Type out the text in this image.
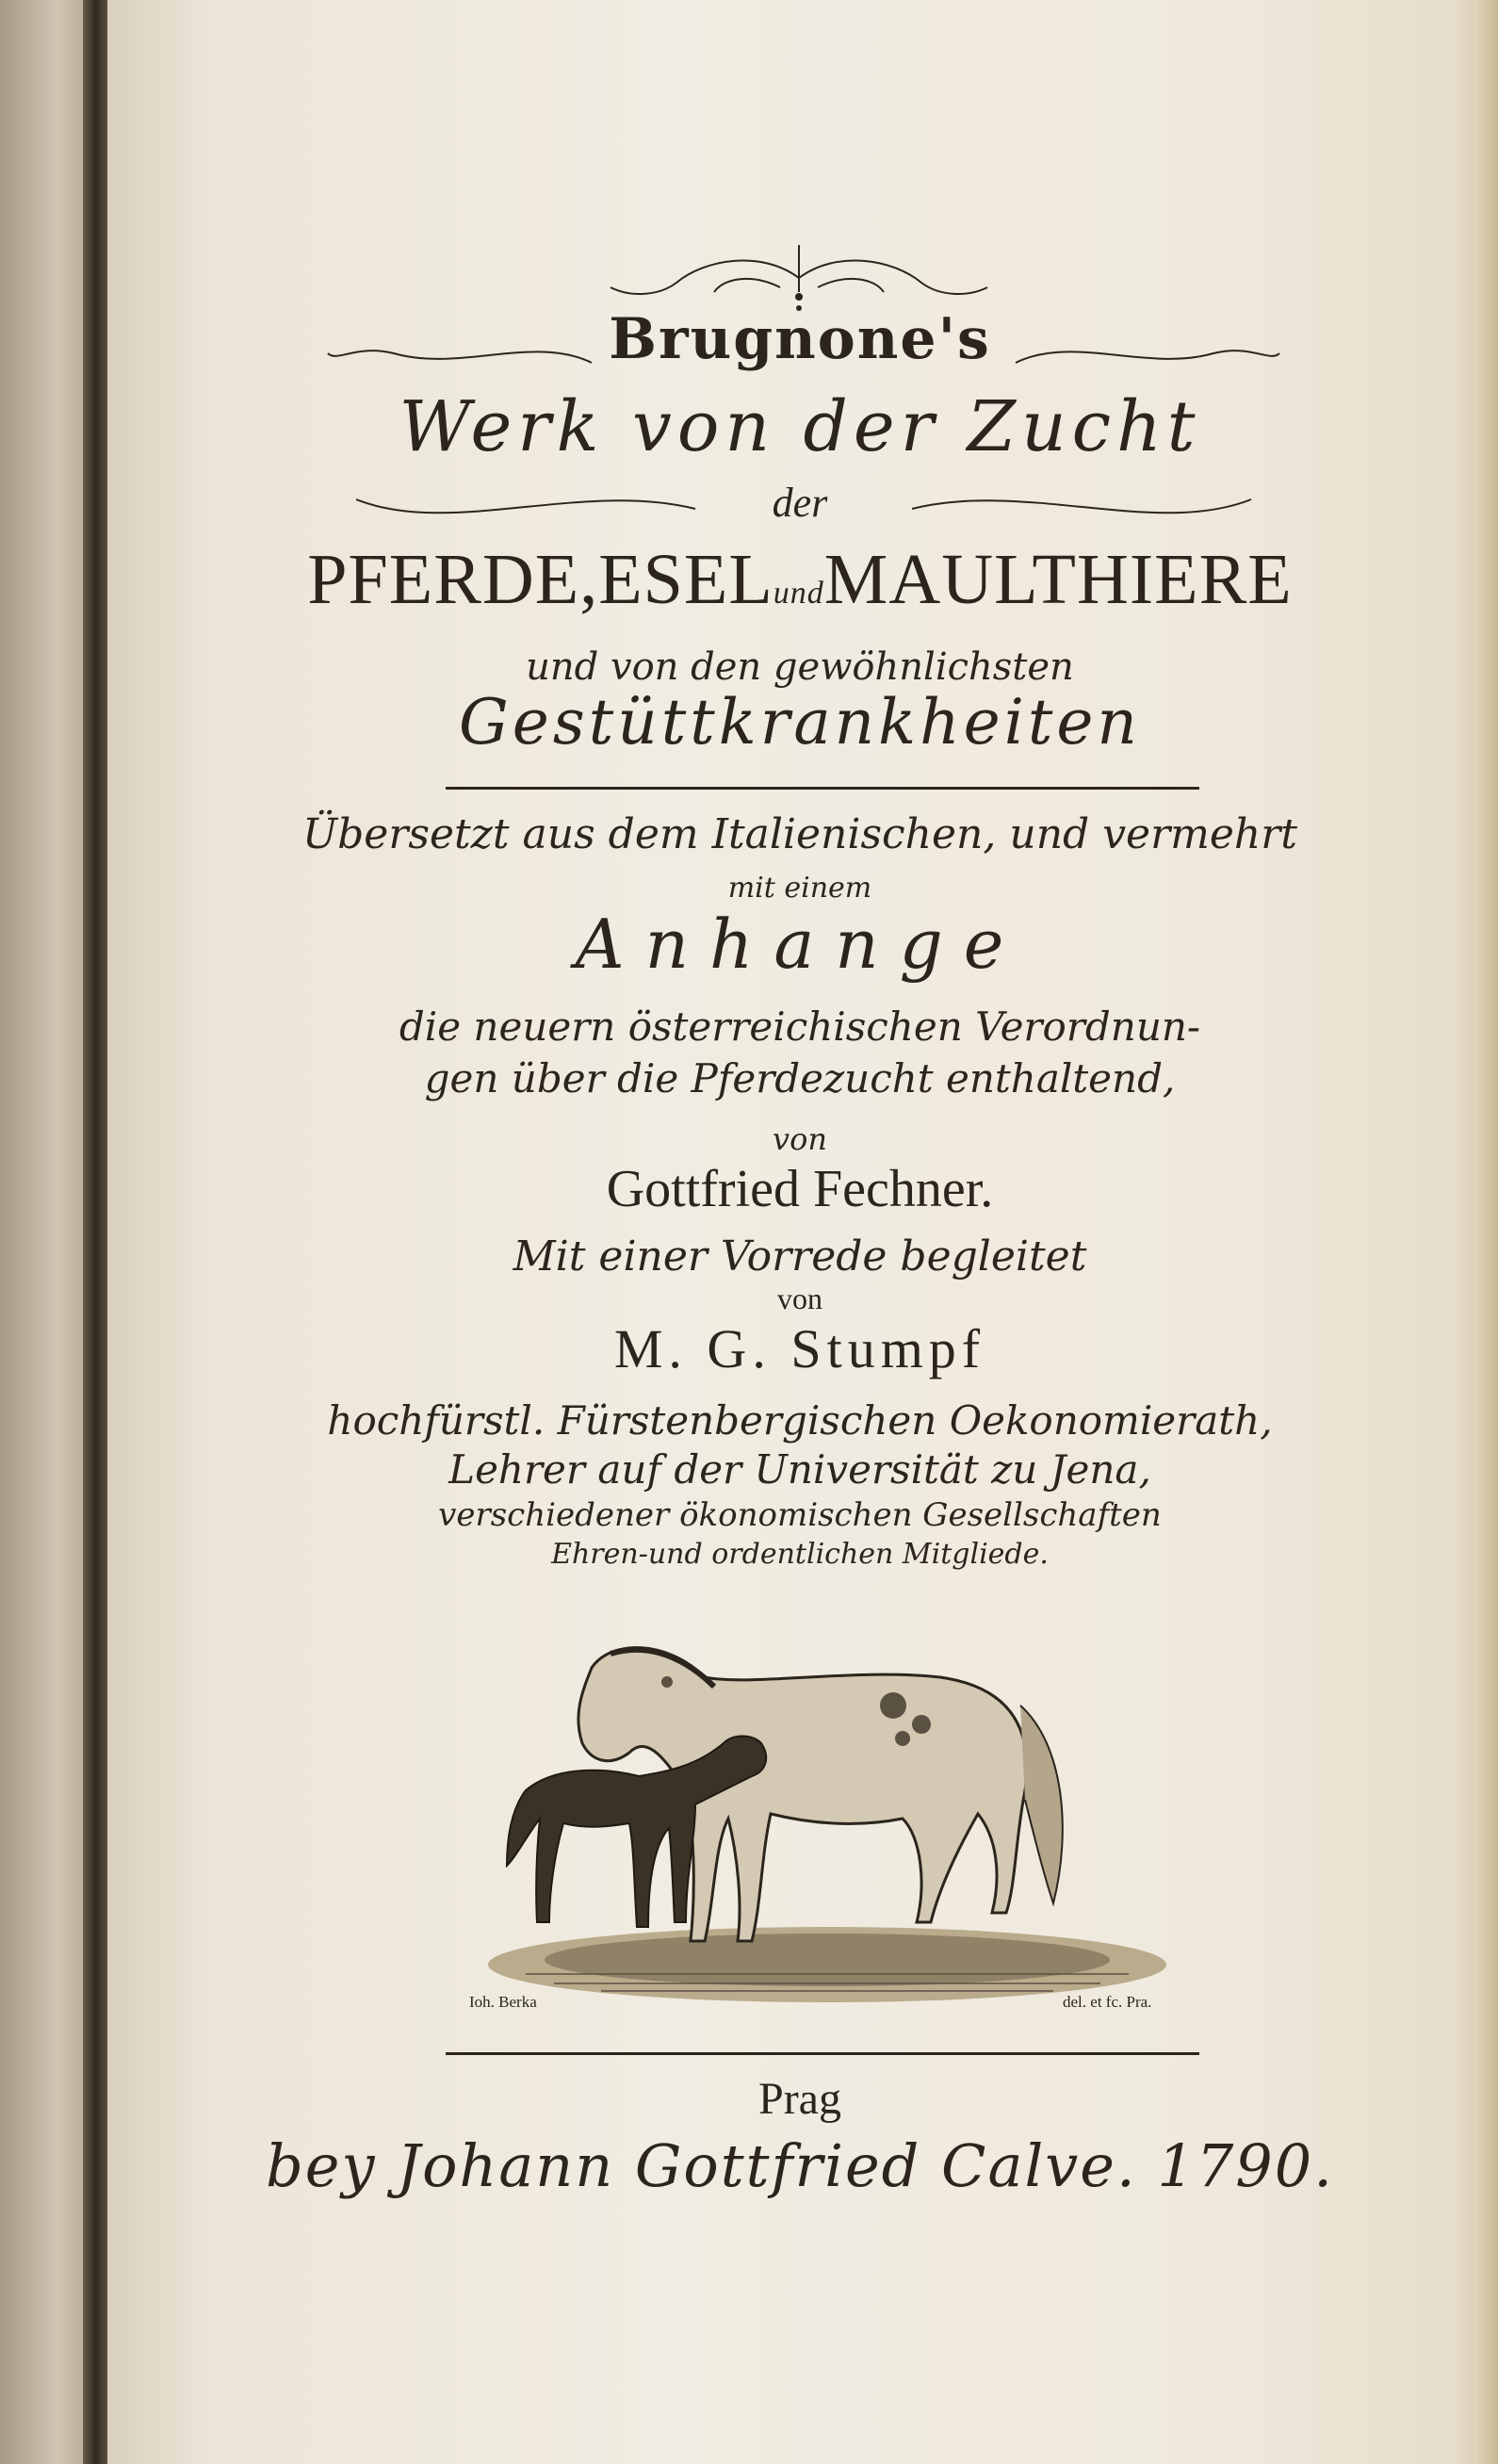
Brugnone's
Werk von der Zucht
der
PFERDE,ESELundMAULTHIERE
und von den gewöhnlichsten
Gestüttkrankheiten
Übersetzt aus dem Italienischen, und vermehrt
mit einem
Anhange
die neuern österreichischen Verordnun-
gen über die Pferdezucht enthaltend,
von
Gottfried Fechner.
Mit einer Vorrede begleitet
von
M. G. Stumpf
hochfürstl. Fürstenbergischen Oekonomierath,
Lehrer auf der Universität zu Jena,
verschiedener ökonomischen Gesellschaften
Ehren-und ordentlichen Mitgliede.
Ioh. Berka	del. et fc. Pra.
Prag
bey Johann Gottfried Calve. 1790.
